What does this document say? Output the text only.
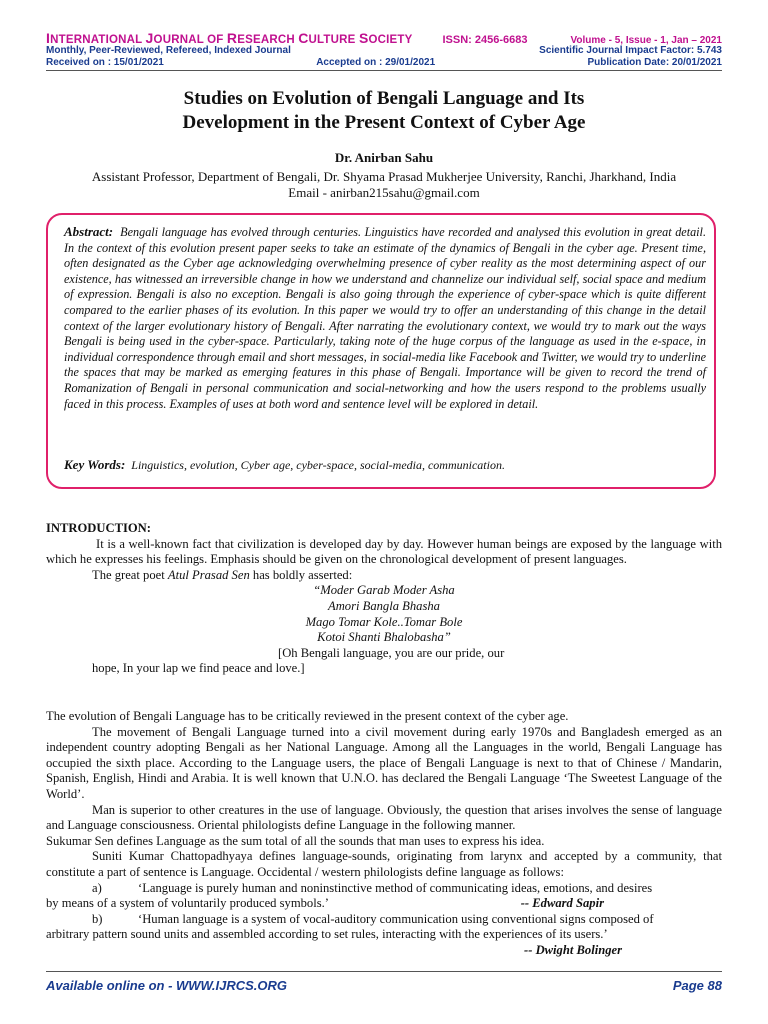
INTERNATIONAL JOURNAL OF RESEARCH CULTURE SOCIETY	ISSN: 2456-6683	Volume - 5, Issue - 1, Jan – 2021
Monthly, Peer-Reviewed, Refereed, Indexed Journal	Scientific Journal Impact Factor: 5.743
Received on : 15/01/2021	Accepted on : 29/01/2021	Publication Date: 20/01/2021
Studies on Evolution of Bengali Language and Its
Development in the Present Context of Cyber Age
Dr. Anirban Sahu
Assistant Professor, Department of Bengali, Dr. Shyama Prasad Mukherjee University, Ranchi, Jharkhand, India
Email - anirban215sahu@gmail.com
Abstract: Bengali language has evolved through centuries. Linguistics have recorded and analysed this evolution in great detail. In the context of this evolution present paper seeks to take an estimate of the dynamics of Bengali in the cyber age. Present time, often designated as the Cyber age acknowledging overwhelming presence of cyber reality as the most determining aspect of our existence, has witnessed an irreversible change in how we understand and channelize our individual self, social space and medium of expression. Bengali is also no exception. Bengali is also going through the experience of cyber-space which is quite different compared to the earlier phases of its evolution. In this paper we would try to offer an understanding of this change in the detail context of the larger evolutionary history of Bengali. After narrating the evolutionary context, we would try to mark out the ways Bengali is being used in the cyber-space. Particularly, taking note of the huge corpus of the language as used in the e-space, in individual correspondence through email and short messages, in social-media like Facebook and Twitter, we would try to underline the spaces that may be marked as emerging features in this phase of Bengali. Importance will be given to record the trend of Romanization of Bengali in personal communication and social-networking and how the users respond to the problems usually faced in this process. Examples of uses at both word and sentence level will be explored in detail.
Key Words: Linguistics, evolution, Cyber age, cyber-space, social-media, communication.

INTRODUCTION:

It is a well-known fact that civilization is developed day by day. However human beings are exposed by the language with which he expresses his feelings. Emphasis should be given on the chronological development of present languages.

The great poet Atul Prasad Sen has boldly asserted:

“Moder Garab Moder Asha

Amori Bangla Bhasha

Mago Tomar Kole..Tomar Bole

Kotoi Shanti Bhalobasha”

[Oh Bengali language, you are our pride, our

hope, In your lap we find peace and love.]

The evolution of Bengali Language has to be critically reviewed in the present context of the cyber age.

The movement of Bengali Language turned into a civil movement during early 1970s and Bangladesh emerged as an independent country adopting Bengali as her National Language. Among all the Languages in the world, Bengali Language has occupied the sixth place. According to the Language users, the place of Bengali Language is next to that of Chinese / Mandarin, Spanish, English, Hindi and Arabia. It is well known that U.N.O. has declared the Bengali Language ‘The Sweetest Language of the World’.

Man is superior to other creatures in the use of language. Obviously, the question that arises involves the sense of language and Language consciousness. Oriental philologists define Language in the following manner.

Sukumar Sen defines Language as the sum total of all the sounds that man uses to express his idea.

Suniti Kumar Chattopadhyaya defines language-sounds, originating from larynx and accepted by a community, that constitute a part of sentence is Language. Occidental / western philologists define language as follows:

a)	‘Language is purely human and noninstinctive method of communicating ideas, emotions, and desires

by means of a system of voluntarily produced symbols.’	-- Edward Sapir

b)	‘Human language is a system of vocal-auditory communication using conventional signs composed of

arbitrary pattern sound units and assembled according to set rules, interacting with the experiences of its users.’

-- Dwight Bolinger

Available online on - WWW.IJRCS.ORG	Page 88
